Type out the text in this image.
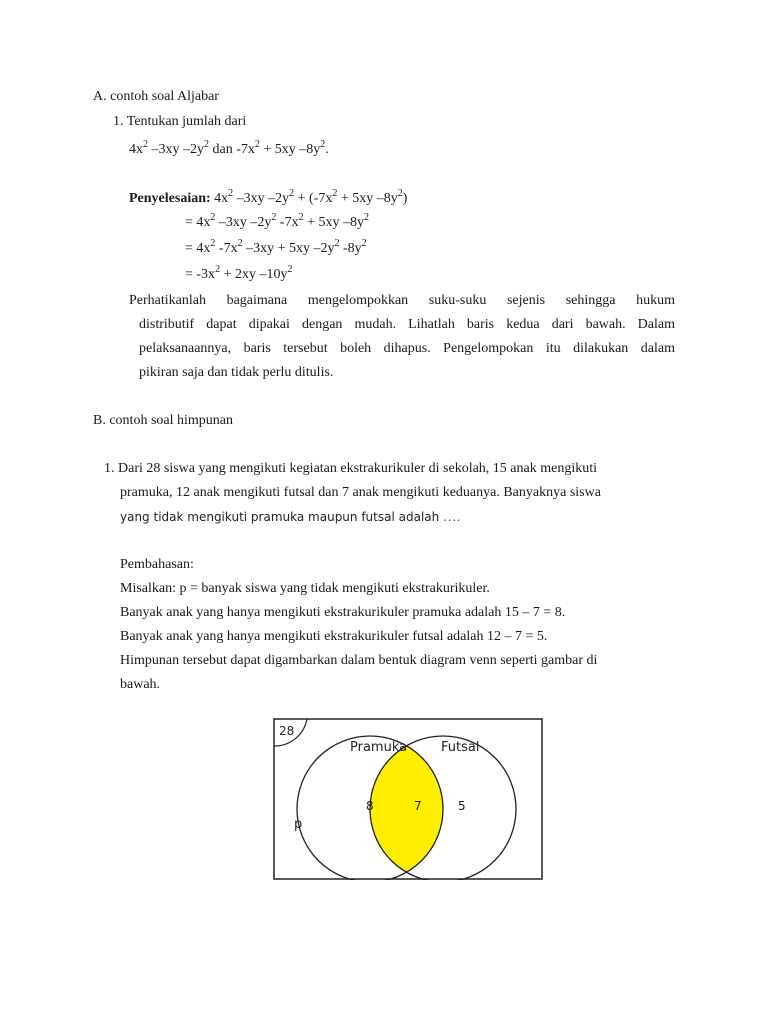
A. contoh soal Aljabar
1. Tentukan jumlah dari
$4x^2$ –3xy $-2y^2$ dan $-7x^2 + 5xy$ $-8y^2$.
Penyelesaian: $4x^2$ –3xy $-2y^2 + (-7x^2 + 5xy$ $-8y^2$)
= $4x^2$ –3xy $-2y^2$ $-7x^2 + 5xy$ $-8y^2$
= $4x^2$ $-7x^2$ –3xy + 5xy $-2y^2$ $-8y^2$
= $-3x^2 + 2xy$ $-10y^2$
Perhatikanlah bagaimana mengelompokkan suku-suku sejenis sehingga hukum
distributif dapat dipakai dengan mudah. Lihatlah baris kedua dari bawah. Dalam
pelaksanaannya, baris tersebut boleh dihapus. Pengelompokan itu dilakukan dalam
pikiran saja dan tidak perlu ditulis.
B. contoh soal himpunan
1. Dari 28 siswa yang mengikuti kegiatan ekstrakurikuler di sekolah, 15 anak mengikuti
pramuka, 12 anak mengikuti futsal dan 7 anak mengikuti keduanya. Banyaknya siswa
yang tidak mengikuti pramuka maupun futsal adalah ….
Pembahasan:
Misalkan: p = banyak siswa yang tidak mengikuti ekstrakurikuler.
Banyak anak yang hanya mengikuti ekstrakurikuler pramuka adalah 15 – 7 = 8.
Banyak anak yang hanya mengikuti ekstrakurikuler futsal adalah 12 – 7 = 5.
Himpunan tersebut dapat digambarkan dalam bentuk diagram venn seperti gambar di
bawah.
28
Pramuka	Futsal
8	7	5
p
